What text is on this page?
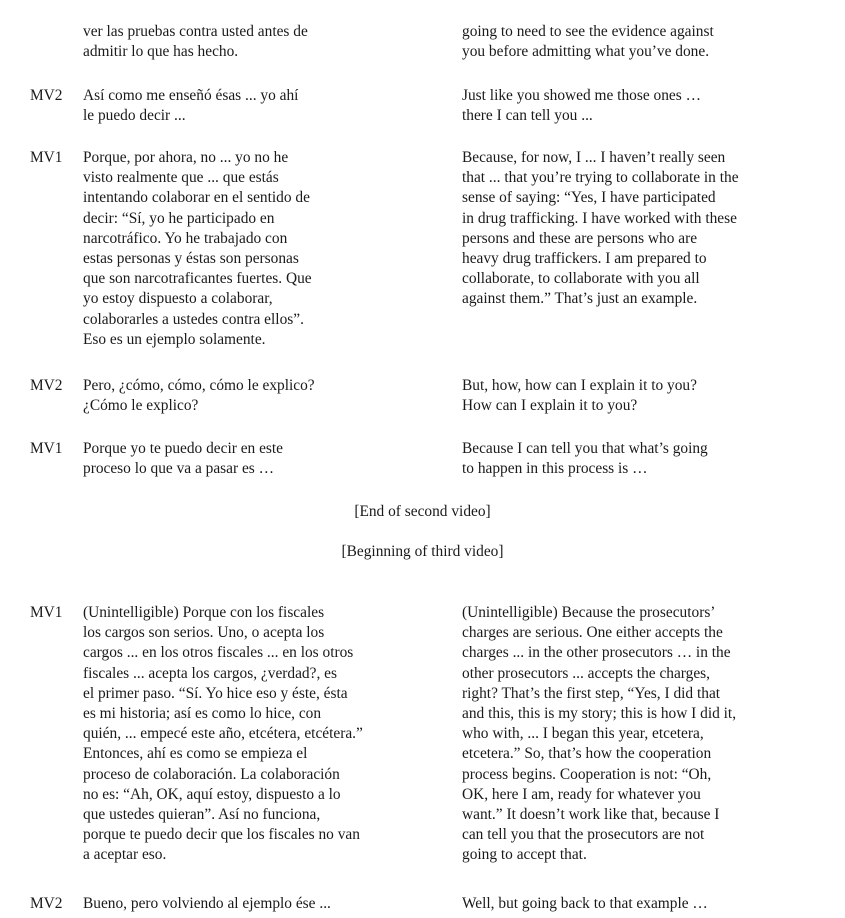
ver las pruebas contra usted antes de
admitir lo que has hecho.
going to need to see the evidence against
you before admitting what you’ve done.
MV2 Así como me enseñó ésas ... yo ahí
le puedo decir ...
Just like you showed me those ones …
there I can tell you ...
MV1 Porque, por ahora, no ... yo no he
visto realmente que ... que estás
intentando colaborar en el sentido de
decir: “Sí, yo he participado en
narcotráfico. Yo he trabajado con
estas personas y éstas son personas
que son narcotraficantes fuertes. Que
yo estoy dispuesto a colaborar,
colaborarles a ustedes contra ellos”.
Eso es un ejemplo solamente.
Because, for now, I ... I haven’t really seen
that ... that you’re trying to collaborate in the
sense of saying: “Yes, I have participated
in drug trafficking. I have worked with these
persons and these are persons who are
heavy drug traffickers. I am prepared to
collaborate, to collaborate with you all
against them.” That’s just an example.
MV2 Pero, ¿cómo, cómo, cómo le explico?
¿Cómo le explico?
But, how, how can I explain it to you?
How can I explain it to you?
MV1 Porque yo te puedo decir en este
proceso lo que va a pasar es …
Because I can tell you that what’s going
to happen in this process is …
[End of second video]
[Beginning of third video]
MV1 (Unintelligible) Porque con los fiscales
los cargos son serios. Uno, o acepta los
cargos ... en los otros fiscales ... en los otros
fiscales ... acepta los cargos, ¿verdad?, es
el primer paso. “Sí. Yo hice eso y éste, ésta
es mi historia; así es como lo hice, con
quién, ... empecé este año, etcétera, etcétera.”
Entonces, ahí es como se empieza el
proceso de colaboración. La colaboración
no es: “Ah, OK, aquí estoy, dispuesto a lo
que ustedes quieran”. Así no funciona,
porque te puedo decir que los fiscales no van
a aceptar eso.
(Unintelligible) Because the prosecutors’
charges are serious. One either accepts the
charges ... in the other prosecutors … in the
other prosecutors ... accepts the charges,
right? That’s the first step, “Yes, I did that
and this, this is my story; this is how I did it,
who with, ... I began this year, etcetera,
etcetera.” So, that’s how the cooperation
process begins. Cooperation is not: “Oh,
OK, here I am, ready for whatever you
want.” It doesn’t work like that, because I
can tell you that the prosecutors are not
going to accept that.
MV2 Bueno, pero volviendo al ejemplo ése ...	Well, but going back to that example …
